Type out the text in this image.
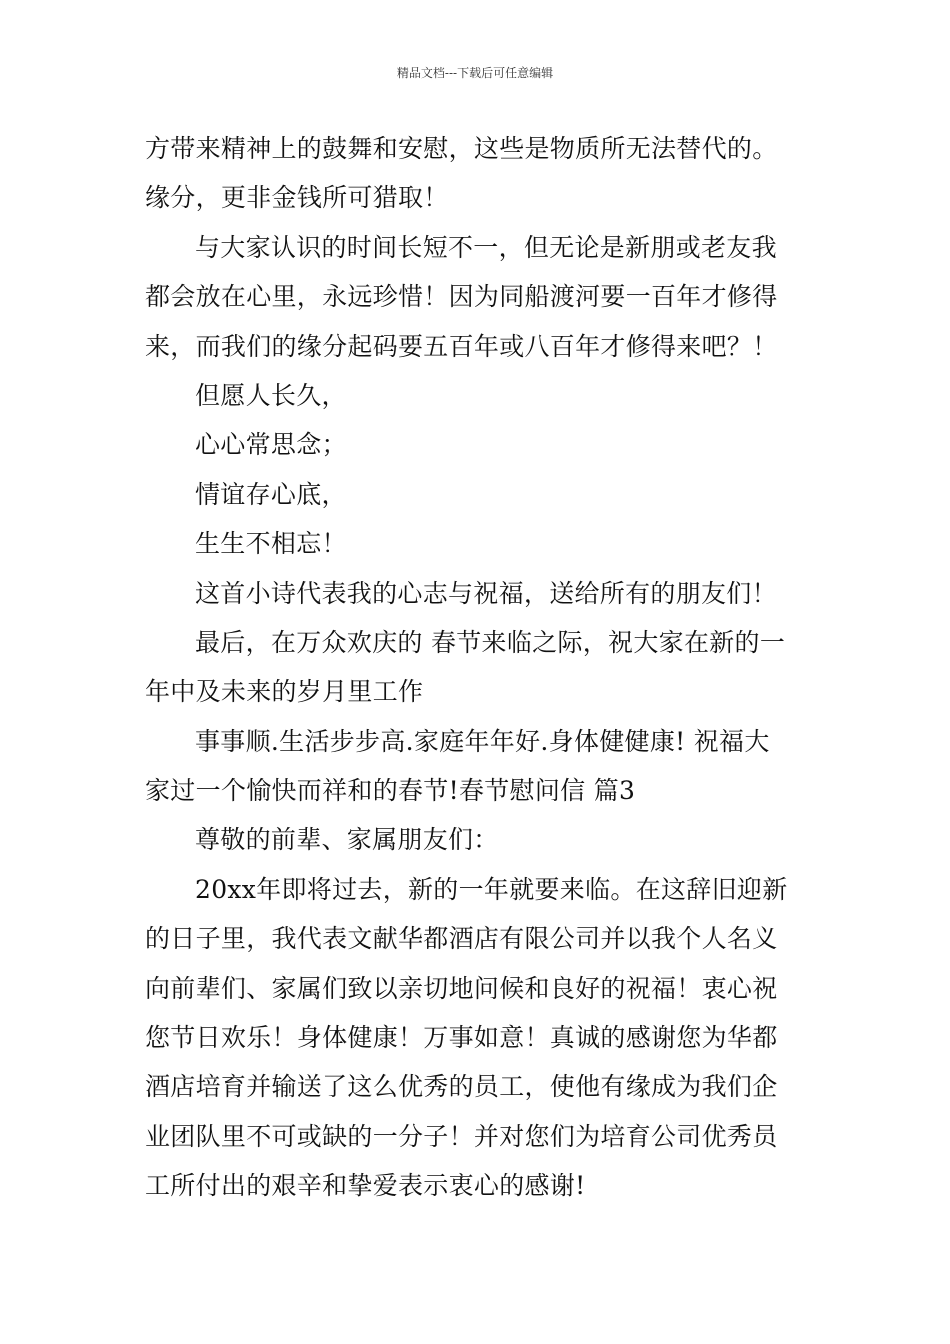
精品文档---下载后可任意编辑
方带来精神上的鼓舞和安慰，这些是物质所无法替代的。
缘分，更非金钱所可猎取！
与大家认识的时间长短不一，但无论是新朋或老友我
都会放在心里，永远珍惜！因为同船渡河要一百年才修得
来，而我们的缘分起码要五百年或八百年才修得来吧？！
但愿人长久，
心心常思念；
情谊存心底，
生生不相忘！
这首小诗代表我的心志与祝福，送给所有的朋友们！
最后，在万众欢庆的 春节来临之际，祝大家在新的一
年中及未来的岁月里工作
事事顺.生活步步高.家庭年年好.身体健健康! 祝福大
家过一个愉快而祥和的春节!春节慰问信 篇3
尊敬的前辈、家属朋友们：
20xx年即将过去，新的一年就要来临。在这辞旧迎新
的日子里，我代表文献华都酒店有限公司并以我个人名义
向前辈们、家属们致以亲切地问候和良好的祝福！衷心祝
您节日欢乐！身体健康！万事如意！真诚的感谢您为华都
酒店培育并输送了这么优秀的员工，使他有缘成为我们企
业团队里不可或缺的一分子！并对您们为培育公司优秀员
工所付出的艰辛和挚爱表示衷心的感谢!
